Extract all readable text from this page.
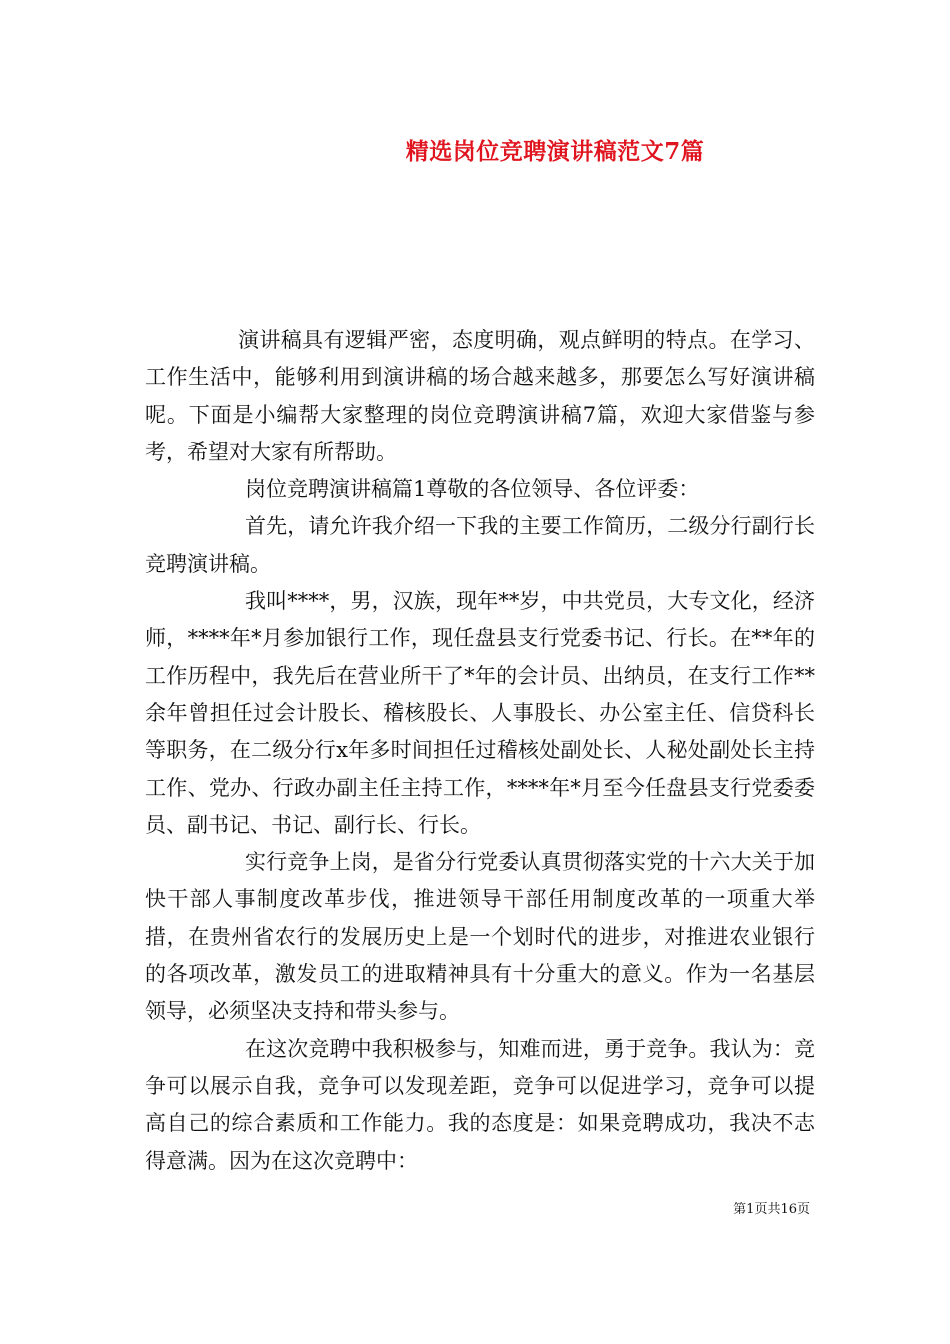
精选岗位竞聘演讲稿范文7篇

演讲稿具有逻辑严密，态度明确，观点鲜明的特点。在学习、工作生活中，能够利用到演讲稿的场合越来越多，那要怎么写好演讲稿呢。下面是小编帮大家整理的岗位竞聘演讲稿7篇，欢迎大家借鉴与参考，希望对大家有所帮助。

岗位竞聘演讲稿篇1尊敬的各位领导、各位评委：

首先，请允许我介绍一下我的主要工作简历，二级分行副行长竞聘演讲稿。

我叫****，男，汉族，现年**岁，中共党员，大专文化，经济师，****年*月参加银行工作，现任盘县支行党委书记、行长。在**年的工作历程中，我先后在营业所干了*年的会计员、出纳员，在支行工作**余年曾担任过会计股长、稽核股长、人事股长、办公室主任、信贷科长等职务，在二级分行x年多时间担任过稽核处副处长、人秘处副处长主持工作、党办、行政办副主任主持工作，****年*月至今任盘县支行党委委员、副书记、书记、副行长、行长。

实行竞争上岗，是省分行党委认真贯彻落实党的十六大关于加快干部人事制度改革步伐，推进领导干部任用制度改革的一项重大举措，在贵州省农行的发展历史上是一个划时代的进步，对推进农业银行的各项改革，激发员工的进取精神具有十分重大的意义。作为一名基层领导，必须坚决支持和带头参与。

在这次竞聘中我积极参与，知难而进，勇于竞争。我认为：竞争可以展示自我，竞争可以发现差距，竞争可以促进学习，竞争可以提高自己的综合素质和工作能力。我的态度是：如果竞聘成功，我决不志得意满。因为在这次竞聘中：

第1页共16页
